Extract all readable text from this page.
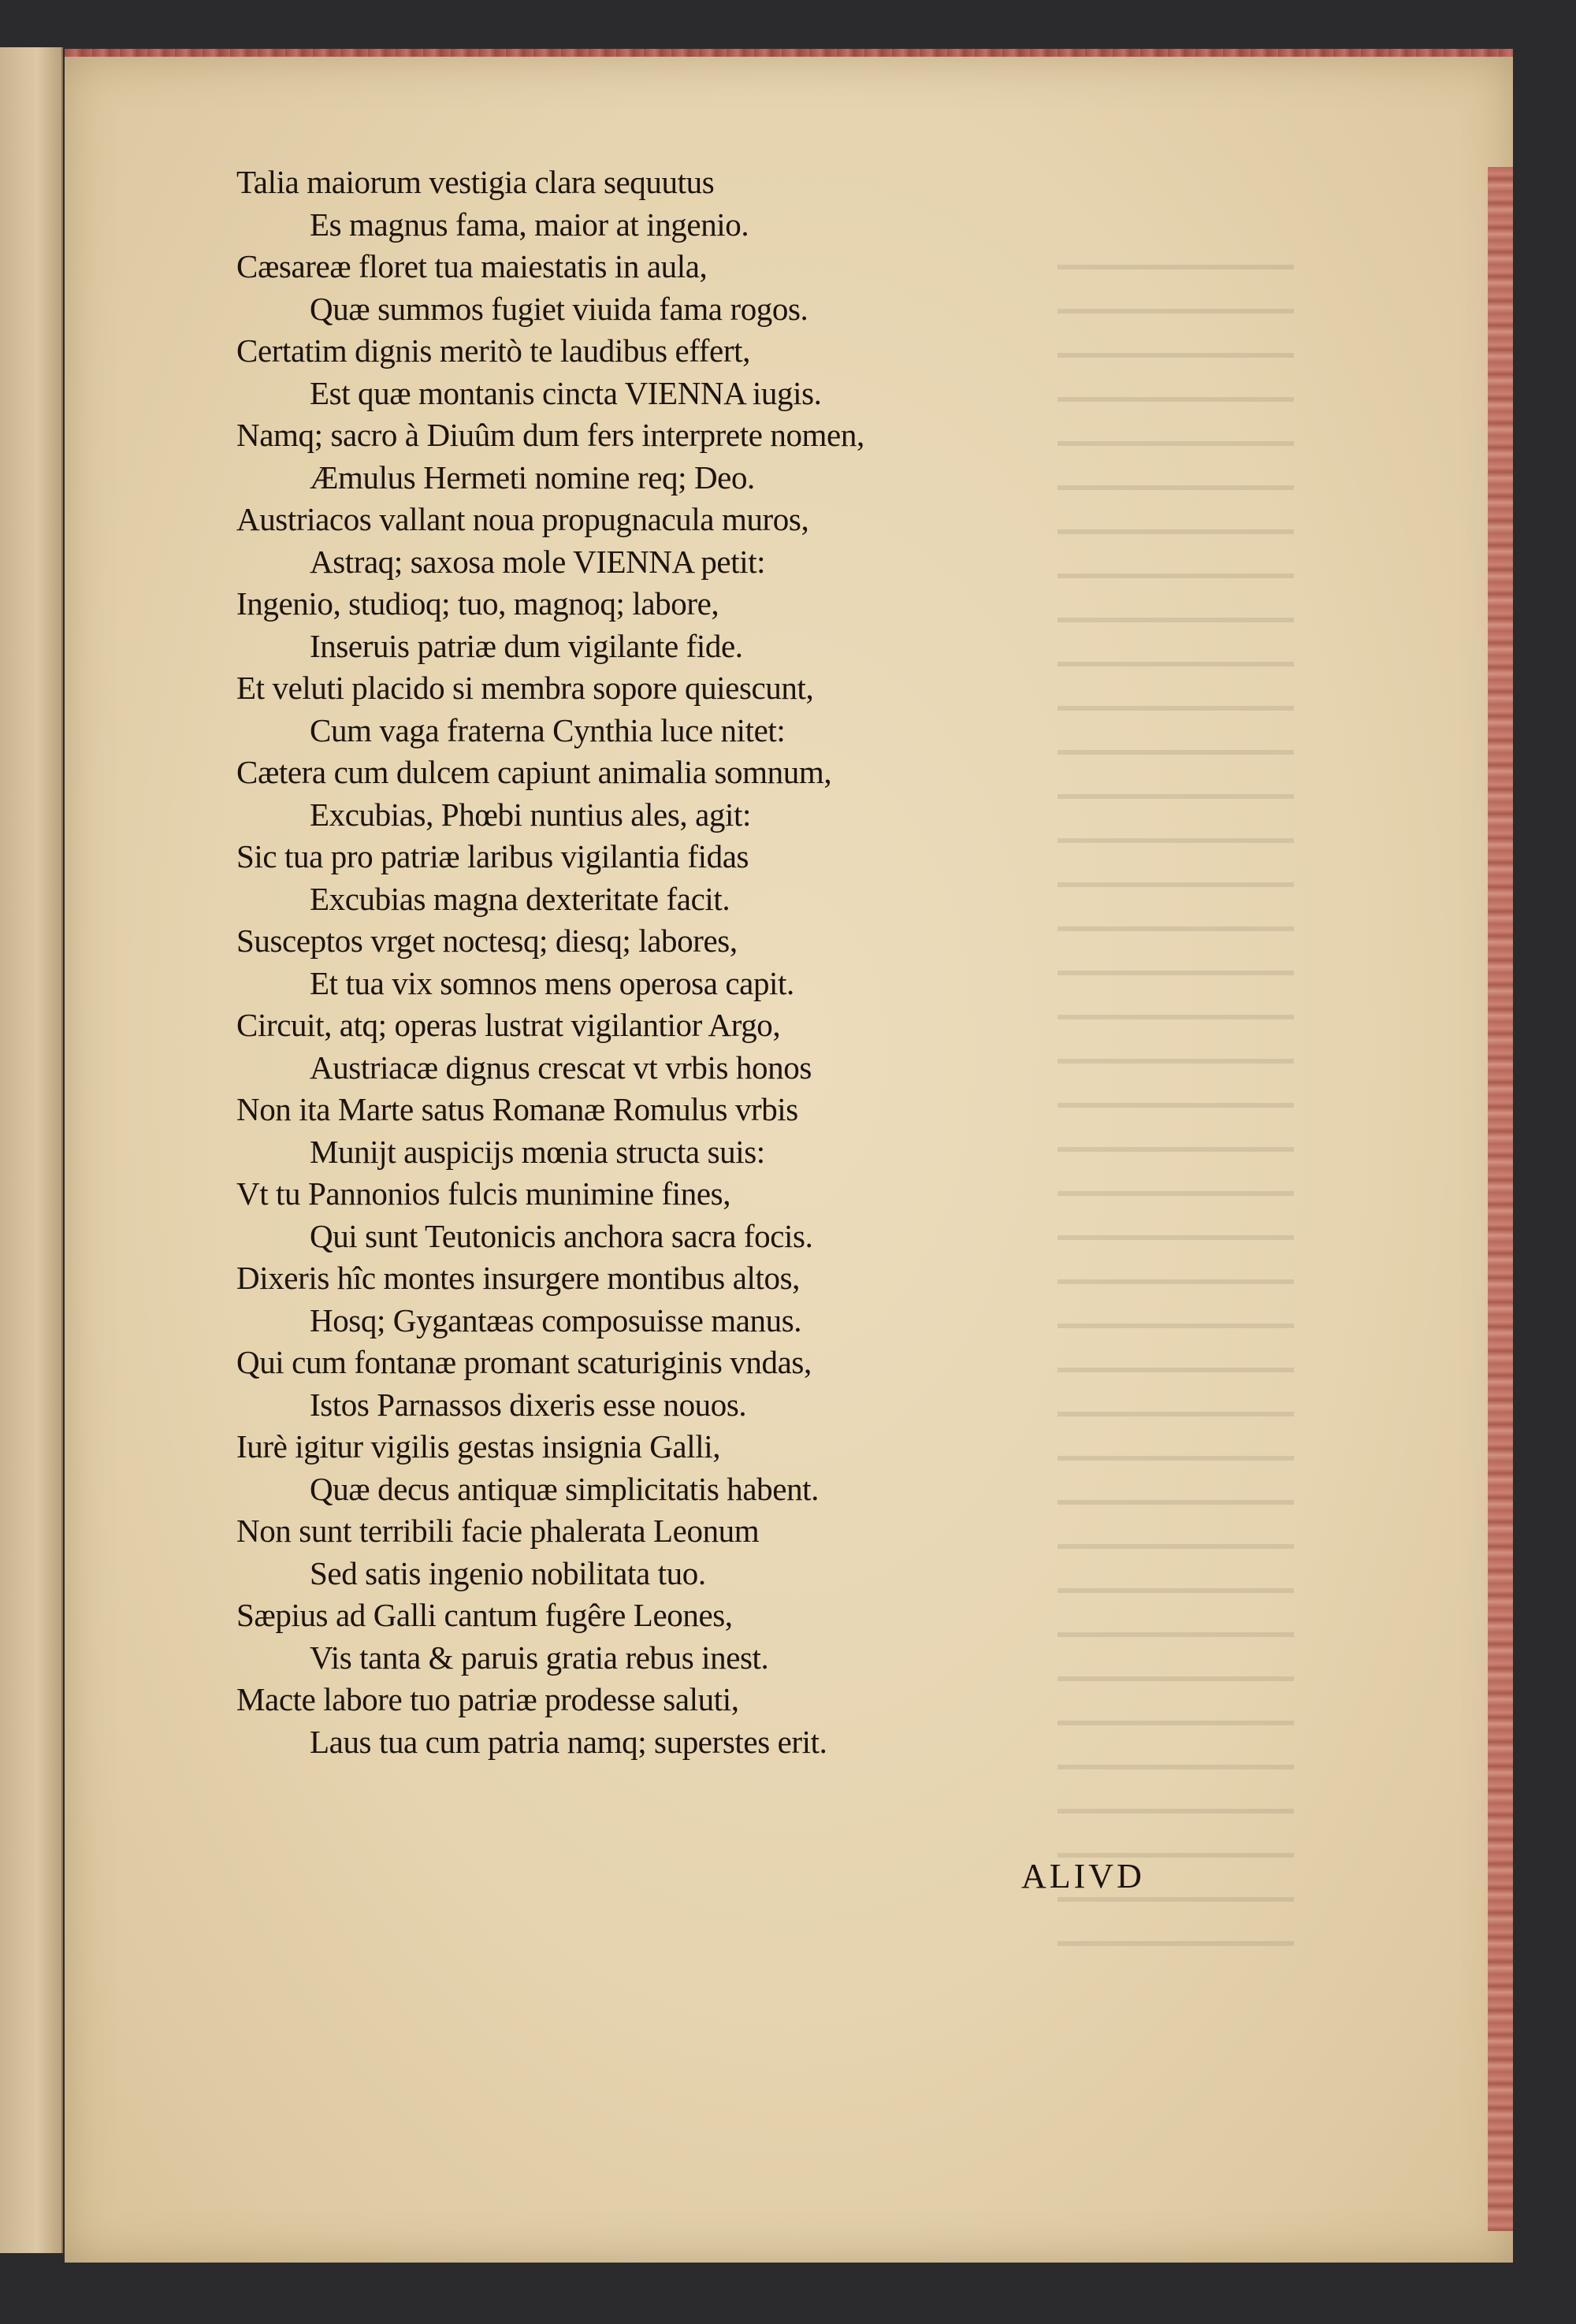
Talia maiorum vestigia clara sequutus
Es magnus fama, maior at ingenio.
Cæsareæ floret tua maiestatis in aula,
Quæ summos fugiet viuida fama rogos.
Certatim dignis meritò te laudibus effert,
Est quæ montanis cincta VIENNA iugis.
Namq; sacro à Diuûm dum fers interprete nomen,
Æmulus Hermeti nomine req; Deo.
Austriacos vallant noua propugnacula muros,
Astraq; saxosa mole VIENNA petit:
Ingenio, studioq; tuo, magnoq; labore,
Inseruis patriæ dum vigilante fide.
Et veluti placido si membra sopore quiescunt,
Cum vaga fraterna Cynthia luce nitet:
Cætera cum dulcem capiunt animalia somnum,
Excubias, Phœbi nuntius ales, agit:
Sic tua pro patriæ laribus vigilantia fidas
Excubias magna dexteritate facit.
Susceptos vrget noctesq; diesq; labores,
Et tua vix somnos mens operosa capit.
Circuit, atq; operas lustrat vigilantior Argo,
Austriacæ dignus crescat vt vrbis honos
Non ita Marte satus Romanæ Romulus vrbis
Munijt auspicijs mœnia structa suis:
Vt tu Pannonios fulcis munimine fines,
Qui sunt Teutonicis anchora sacra focis.
Dixeris hîc montes insurgere montibus altos,
Hosq; Gygantæas composuisse manus.
Qui cum fontanæ promant scaturiginis vndas,
Istos Parnassos dixeris esse nouos.
Iurè igitur vigilis gestas insignia Galli,
Quæ decus antiquæ simplicitatis habent.
Non sunt terribili facie phalerata Leonum
Sed satis ingenio nobilitata tuo.
Sæpius ad Galli cantum fugêre Leones,
Vis tanta & paruis gratia rebus inest.
Macte labore tuo patriæ prodesse saluti,
Laus tua cum patria namq; superstes erit.
ALIVD
